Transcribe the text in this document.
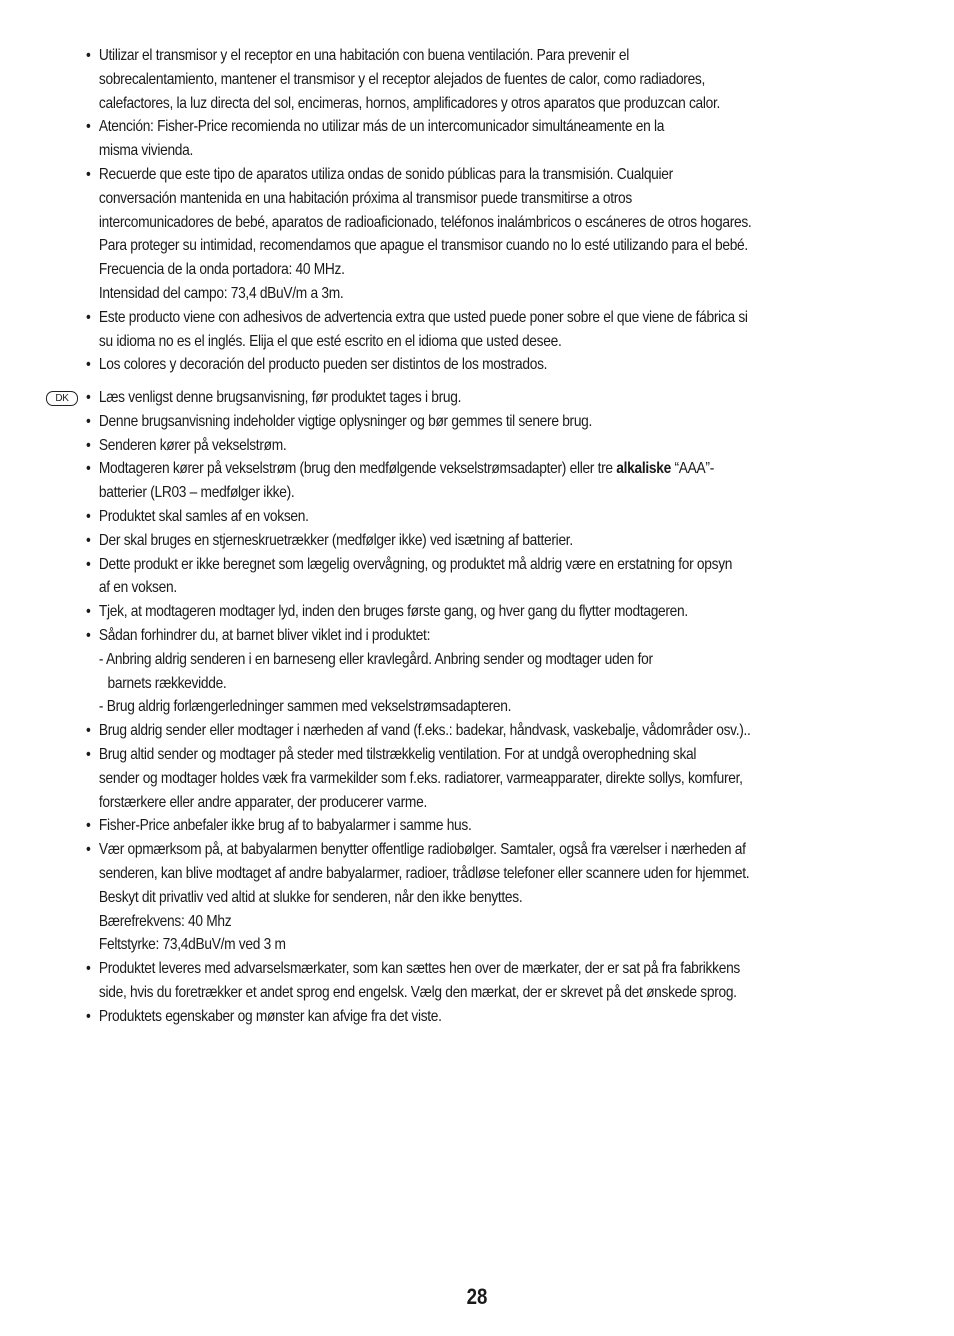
• Utilizar el transmisor y el receptor en una habitación con buena ventilación. Para prevenir el
sobrecalentamiento, mantener el transmisor y el receptor alejados de fuentes de calor, como radiadores,
calefactores, la luz directa del sol, encimeras, hornos, amplificadores y otros aparatos que produzcan calor.
• Atención: Fisher-Price recomienda no utilizar más de un intercomunicador simultáneamente en la
misma vivienda.
• Recuerde que este tipo de aparatos utiliza ondas de sonido públicas para la transmisión. Cualquier
conversación mantenida en una habitación próxima al transmisor puede transmitirse a otros
intercomunicadores de bebé, aparatos de radioaficionado, teléfonos inalámbricos o escáneres de otros hogares.
Para proteger su intimidad, recomendamos que apague el transmisor cuando no lo esté utilizando para el bebé.
Frecuencia de la onda portadora: 40 MHz.
Intensidad del campo: 73,4 dBuV/m a 3m.
• Este producto viene con adhesivos de advertencia extra que usted puede poner sobre el que viene de fábrica si
su idioma no es el inglés. Elija el que esté escrito en el idioma que usted desee.
• Los colores y decoración del producto pueden ser distintos de los mostrados.
DK
•	Læs venligst denne brugsanvisning, før produktet tages i brug.
• Denne brugsanvisning indeholder vigtige oplysninger og bør gemmes til senere brug.
• Senderen kører på vekselstrøm.
• Modtageren kører på vekselstrøm (brug den medfølgende vekselstrømsadapter) eller tre alkaliske “AAA”-
batterier (LR03 – medfølger ikke).
• Produktet skal samles af en voksen.
• Der skal bruges en stjerneskruetrækker (medfølger ikke) ved isætning af batterier.
• Dette produkt er ikke beregnet som lægelig overvågning, og produktet må aldrig være en erstatning for opsyn
af en voksen.
• Tjek, at modtageren modtager lyd, inden den bruges første gang, og hver gang du flytter modtageren.
• Sådan forhindrer du, at barnet bliver viklet ind i produktet:
- Anbring aldrig senderen i en barneseng eller kravlegård. Anbring sender og modtager uden for
barnets rækkevidde.
- Brug aldrig forlængerledninger sammen med vekselstrømsadapteren.
• Brug aldrig sender eller modtager i nærheden af vand (f.eks.: badekar, håndvask, vaskebalje, vådområder osv.)..
• Brug altid sender og modtager på steder med tilstrækkelig ventilation. For at undgå overophedning skal
sender og modtager holdes væk fra varmekilder som f.eks. radiatorer, varmeapparater, direkte sollys, komfurer,
forstærkere eller andre apparater, der producerer varme.
• Fisher-Price anbefaler ikke brug af to babyalarmer i samme hus.
• Vær opmærksom på, at babyalarmen benytter offentlige radiobølger. Samtaler, også fra værelser i nærheden af
senderen, kan blive modtaget af andre babyalarmer, radioer, trådløse telefoner eller scannere uden for hjemmet.
Beskyt dit privatliv ved altid at slukke for senderen, når den ikke benyttes.
Bærefrekvens: 40 Mhz
Feltstyrke: 73,4dBuV/m ved 3 m
• Produktet leveres med advarselsmærkater, som kan sættes hen over de mærkater, der er sat på fra fabrikkens
side, hvis du foretrækker et andet sprog end engelsk. Vælg den mærkat, der er skrevet på det ønskede sprog.
• Produktets egenskaber og mønster kan afvige fra det viste.
28
